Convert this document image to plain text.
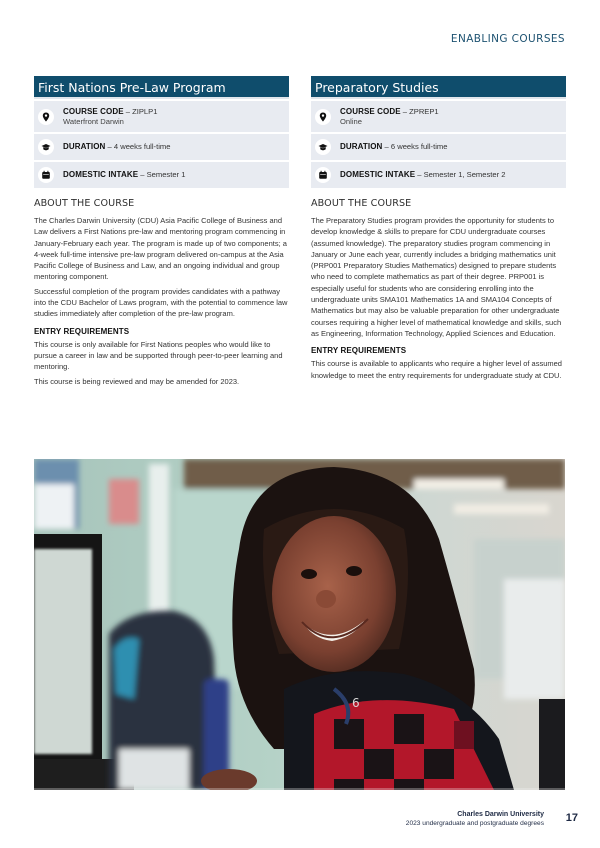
ENABLING COURSES
First Nations Pre-Law Program
COURSE CODE – ZIPLP1
Waterfront Darwin
DURATION – 4 weeks full-time
DOMESTIC INTAKE – Semester 1
ABOUT THE COURSE

The Charles Darwin University (CDU) Asia Pacific College of Business and Law delivers a First Nations pre-law and mentoring program commencing in January-February each year. The program is made up of two components; a 4-week full-time intensive pre-law program delivered on-campus at the Asia Pacific College of Business and Law, and an ongoing individual and group mentoring component.

Successful completion of the program provides candidates with a pathway into the CDU Bachelor of Laws program, with the potential to commence law studies immediately after completion of the pre-law program.

ENTRY REQUIREMENTS

This course is only available for First Nations peoples who would like to pursue a career in law and be supported through peer-to-peer learning and mentoring.

This course is being reviewed and may be amended for 2023.

Preparatory Studies
COURSE CODE – ZPREP1
Online
DURATION – 6 weeks full-time
DOMESTIC INTAKE – Semester 1, Semester 2
ABOUT THE COURSE

The Preparatory Studies program provides the opportunity for students to develop knowledge & skills to prepare for CDU undergraduate courses (assumed knowledge). The preparatory studies program commencing in January or June each year, currently includes a bridging mathematics unit (PRP001 Preparatory Studies Mathematics) designed to prepare students who need to complete mathematics as part of their degree. PRP001 is especially useful for students who are considering enrolling into the undergraduate units SMA101 Mathematics 1A and SMA104 Concepts of Mathematics but may also be valuable preparation for other undergraduate courses requiring a higher level of mathematical knowledge and skills, such as Engineering, Information Technology, Applied Sciences and Education.

ENTRY REQUIREMENTS

This course is available to applicants who require a higher level of assumed knowledge to meet the entry requirements for undergraduate study at CDU.

6
Charles Darwin University
2023 undergraduate and postgraduate degrees 17
